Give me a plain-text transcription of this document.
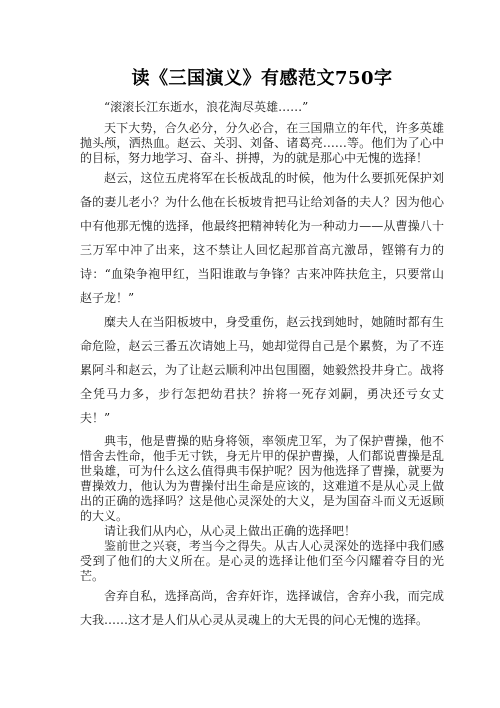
读《三国演义》有感范文750字

“滚滚长江东逝水，浪花淘尽英雄……”

天下大势，合久必分，分久必合，在三国鼎立的年代，许多英雄抛头颅，洒热血。赵云、关羽、刘备、诸葛亮……等。他们为了心中的目标，努力地学习、奋斗、拼搏，为的就是那心中无愧的选择！

赵云，这位五虎将军在长板战乱的时候，他为什么要抓死保护刘备的妻儿老小？为什么他在长板坡肯把马让给刘备的夫人？因为他心中有他那无愧的选择，他最终把精神转化为一种动力——从曹操八十三万军中冲了出来，这不禁让人回忆起那首高亢激昂，铿锵有力的诗：“血染争袍甲红，当阳谁敢与争锋？古来冲阵扶危主，只要常山赵子龙！”

糜夫人在当阳板坡中，身受重伤，赵云找到她时，她随时都有生命危险，赵云三番五次请她上马，她却觉得自己是个累赘，为了不连累阿斗和赵云，为了让赵云顺利冲出包围圈，她毅然投井身亡。战将全凭马力多，步行怎把幼君扶？拚将一死存刘嗣，勇决还亏女丈夫！”

典韦，他是曹操的贴身将领，率领虎卫军，为了保护曹操，他不惜舍去性命，他手无寸铁，身无片甲的保护曹操，人们都说曹操是乱世枭雄，可为什么这么值得典韦保护呢？因为他选择了曹操，就要为曹操效力，他认为为曹操付出生命是应该的，这难道不是从心灵上做出的正确的选择吗？这是他心灵深处的大义，是为国奋斗而义无返顾的大义。

请让我们从内心，从心灵上做出正确的选择吧！

鉴前世之兴衰，考当今之得失。从古人心灵深处的选择中我们感受到了他们的大义所在。是心灵的选择让他们至今闪耀着夺目的光芒。

舍弃自私，选择高尚，舍弃奸诈，选择诚信，舍弃小我，而完成大我……这才是人们从心灵从灵魂上的大无畏的问心无愧的选择。
